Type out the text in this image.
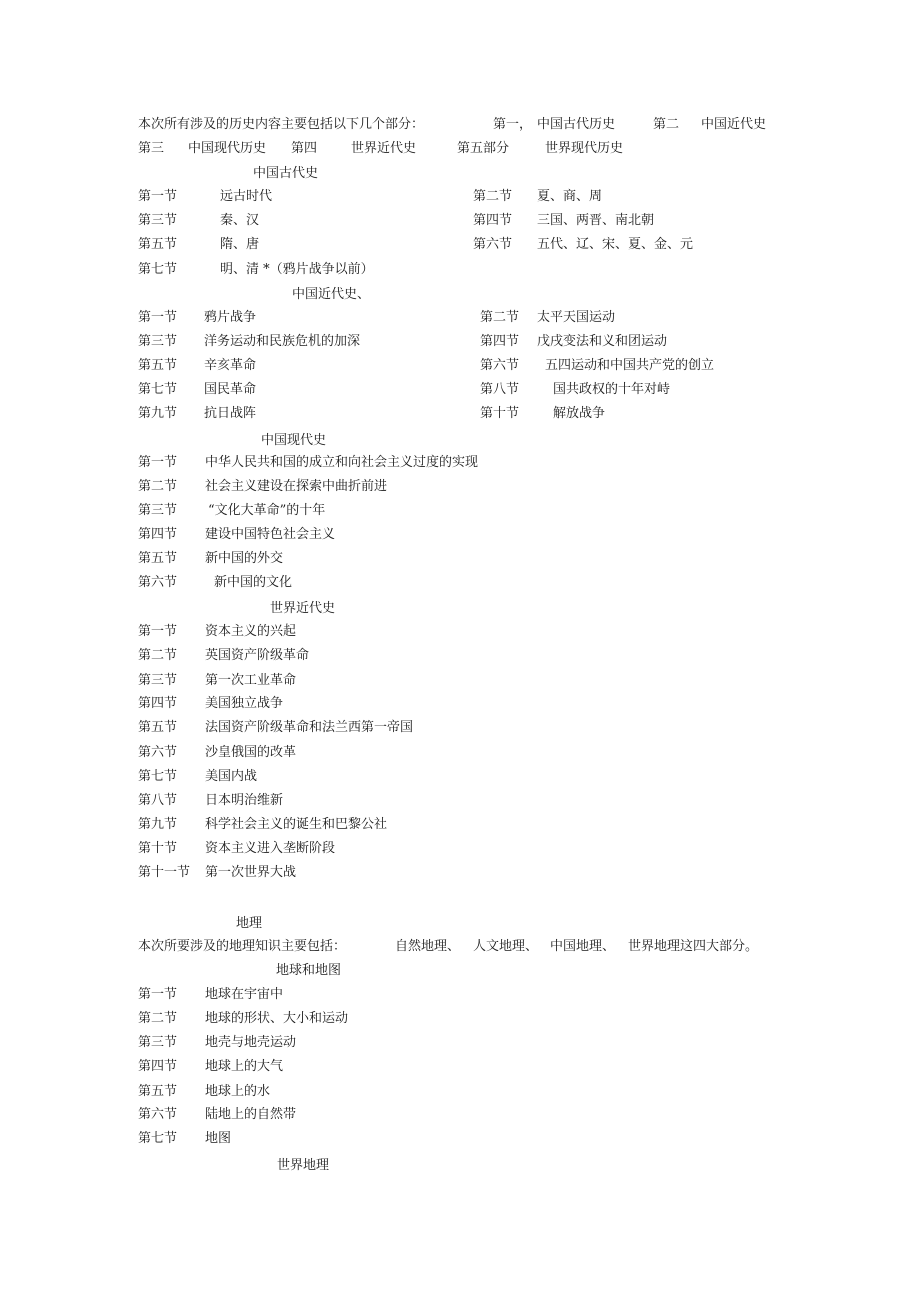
本次所有涉及的历史内容主要包括以下几个部分：	第一， 中国古代历史	第二 中国近代史
第三 中国现代历史 第四	世界近代史	第五部分	世界现代历史
中国古代史
第一节	远古时代	第二节 夏、商、周
第三节	秦、汉	第四节 三国、两晋、南北朝
第五节	隋、唐	第六节 五代、辽、宋、夏、金、元
第七节	明、清 *（鸦片战争以前）
中国近代史、
第一节 鸦片战争	第二节 太平天国运动
第三节 洋务运动和民族危机的加深	第四节 戊戌变法和义和团运动
第五节 辛亥革命	第六节 五四运动和中国共产党的创立
第七节 国民革命	第八节	国共政权的十年对峙
第九节 抗日战阵	第十节	解放战争
中国现代史
第一节 中华人民共和国的成立和向社会主义过度的实现
第二节 社会主义建设在探索中曲折前进
第三节 “文化大革命”的十年
第四节 建设中国特色社会主义
第五节 新中国的外交
第六节	新中国的文化
世界近代史
第一节 资本主义的兴起
第二节 英国资产阶级革命
第三节 第一次工业革命
第四节 美国独立战争
第五节 法国资产阶级革命和法兰西第一帝国
第六节 沙皇俄国的改革
第七节 美国内战
第八节 日本明治维新
第九节 科学社会主义的诞生和巴黎公社
第十节 资本主义进入垄断阶段
第十一节 第一次世界大战
地理
本次所要涉及的地理知识主要包括：	自然地理、 人文地理、 中国地理、 世界地理这四大部分。
地球和地图
第一节 地球在宇宙中
第二节 地球的形状、大小和运动
第三节 地壳与地壳运动
第四节 地球上的大气
第五节 地球上的水
第六节 陆地上的自然带
第七节 地图
世界地理
